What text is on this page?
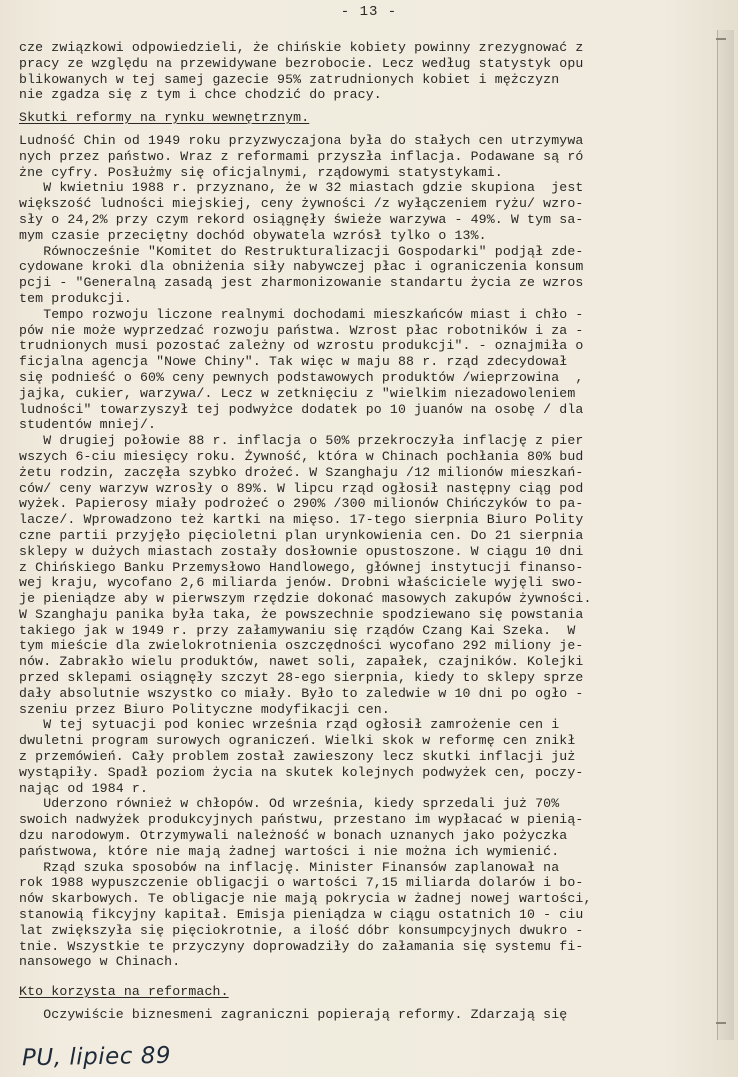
- 13 -
cze związkowi odpowiedzieli, że chińskie kobiety powinny zrezygnować z
pracy ze względu na przewidywane bezrobocie. Lecz według statystyk opu
blikowanych w tej samej gazecie 95% zatrudnionych kobiet i mężczyzn
nie zgadza się z tym i chce chodzić do pracy.
Skutki reformy na rynku wewnętrznym.
Ludność Chin od 1949 roku przyzwyczajona była do stałych cen utrzymywa
nych przez państwo. Wraz z reformami przyszła inflacja. Podawane są ró
żne cyfry. Posłużmy się oficjalnymi, rządowymi statystykami.
W kwietniu 1988 r. przyznano, że w 32 miastach gdzie skupiona  jest
większość ludności miejskiej, ceny żywności /z wyłączeniem ryżu/ wzro-
sły o 24,2% przy czym rekord osiągnęły świeże warzywa - 49%. W tym sa-
mym czasie przeciętny dochód obywatela wzrósł tylko o 13%.
Równocześnie "Komitet do Restrukturalizacji Gospodarki" podjął zde-
cydowane kroki dla obniżenia siły nabywczej płac i ograniczenia konsum
pcji - "Generalną zasadą jest zharmonizowanie standartu życia ze wzros
tem produkcji.
Tempo rozwoju liczone realnymi dochodami mieszkańców miast i chło -
pów nie może wyprzedzać rozwoju państwa. Wzrost płac robotników i za -
trudnionych musi pozostać zależny od wzrostu produkcji". - oznajmiła o
ficjalna agencja "Nowe Chiny". Tak więc w maju 88 r. rząd zdecydował
się podnieść o 60% ceny pewnych podstawowych produktów /wieprzowina  ,
jajka, cukier, warzywa/. Lecz w zetknięciu z "wielkim niezadowoleniem
ludności" towarzyszył tej podwyżce dodatek po 10 juanów na osobę / dla
studentów mniej/.
W drugiej połowie 88 r. inflacja o 50% przekroczyła inflację z pier
wszych 6-ciu miesięcy roku. Żywność, która w Chinach pochłania 80% bud
żetu rodzin, zaczęła szybko drożeć. W Szanghaju /12 milionów mieszkań-
ców/ ceny warzyw wzrosły o 89%. W lipcu rząd ogłosił następny ciąg pod
wyżek. Papierosy miały podrożeć o 290% /300 milionów Chińczyków to pa-
lacze/. Wprowadzono też kartki na mięso. 17-tego sierpnia Biuro Polity
czne partii przyjęło pięcioletni plan urynkowienia cen. Do 21 sierpnia
sklepy w dużych miastach zostały dosłownie opustoszone. W ciągu 10 dni
z Chińskiego Banku Przemysłowo Handlowego, głównej instytucji finanso-
wej kraju, wycofano 2,6 miliarda jenów. Drobni właściciele wyjęli swo-
je pieniądze aby w pierwszym rzędzie dokonać masowych zakupów żywności.
W Szanghaju panika była taka, że powszechnie spodziewano się powstania
takiego jak w 1949 r. przy załamywaniu się rządów Czang Kai Szeka.  W
tym mieście dla zwielokrotnienia oszczędności wycofano 292 miliony je-
nów. Zabrakło wielu produktów, nawet soli, zapałek, czajników. Kolejki
przed sklepami osiągnęły szczyt 28-ego sierpnia, kiedy to sklepy sprze
dały absolutnie wszystko co miały. Było to zaledwie w 10 dni po ogło -
szeniu przez Biuro Polityczne modyfikacji cen.
W tej sytuacji pod koniec września rząd ogłosił zamrożenie cen i
dwuletni program surowych ograniczeń. Wielki skok w reformę cen znikł
z przemówień. Cały problem został zawieszony lecz skutki inflacji już
wystąpiły. Spadł poziom życia na skutek kolejnych podwyżek cen, poczy-
nając od 1984 r.
Uderzono również w chłopów. Od września, kiedy sprzedali już 70%
swoich nadwyżek produkcyjnych państwu, przestano im wypłacać w pienią-
dzu narodowym. Otrzymywali należność w bonach uznanych jako pożyczka
państwowa, które nie mają żadnej wartości i nie można ich wymienić.
Rząd szuka sposobów na inflację. Minister Finansów zaplanował na
rok 1988 wypuszczenie obligacji o wartości 7,15 miliarda dolarów i bo-
nów skarbowych. Te obligacje nie mają pokrycia w żadnej nowej wartości,
stanowią fikcyjny kapitał. Emisja pieniądza w ciągu ostatnich 10 - ciu
lat zwiększyła się pięciokrotnie, a ilość dóbr konsumpcyjnych dwukro -
tnie. Wszystkie te przyczyny doprowadziły do załamania się systemu fi-
nansowego w Chinach.
Kto korzysta na reformach.
Oczywiście biznesmeni zagraniczni popierają reformy. Zdarzają się
PU, lipiec 89
